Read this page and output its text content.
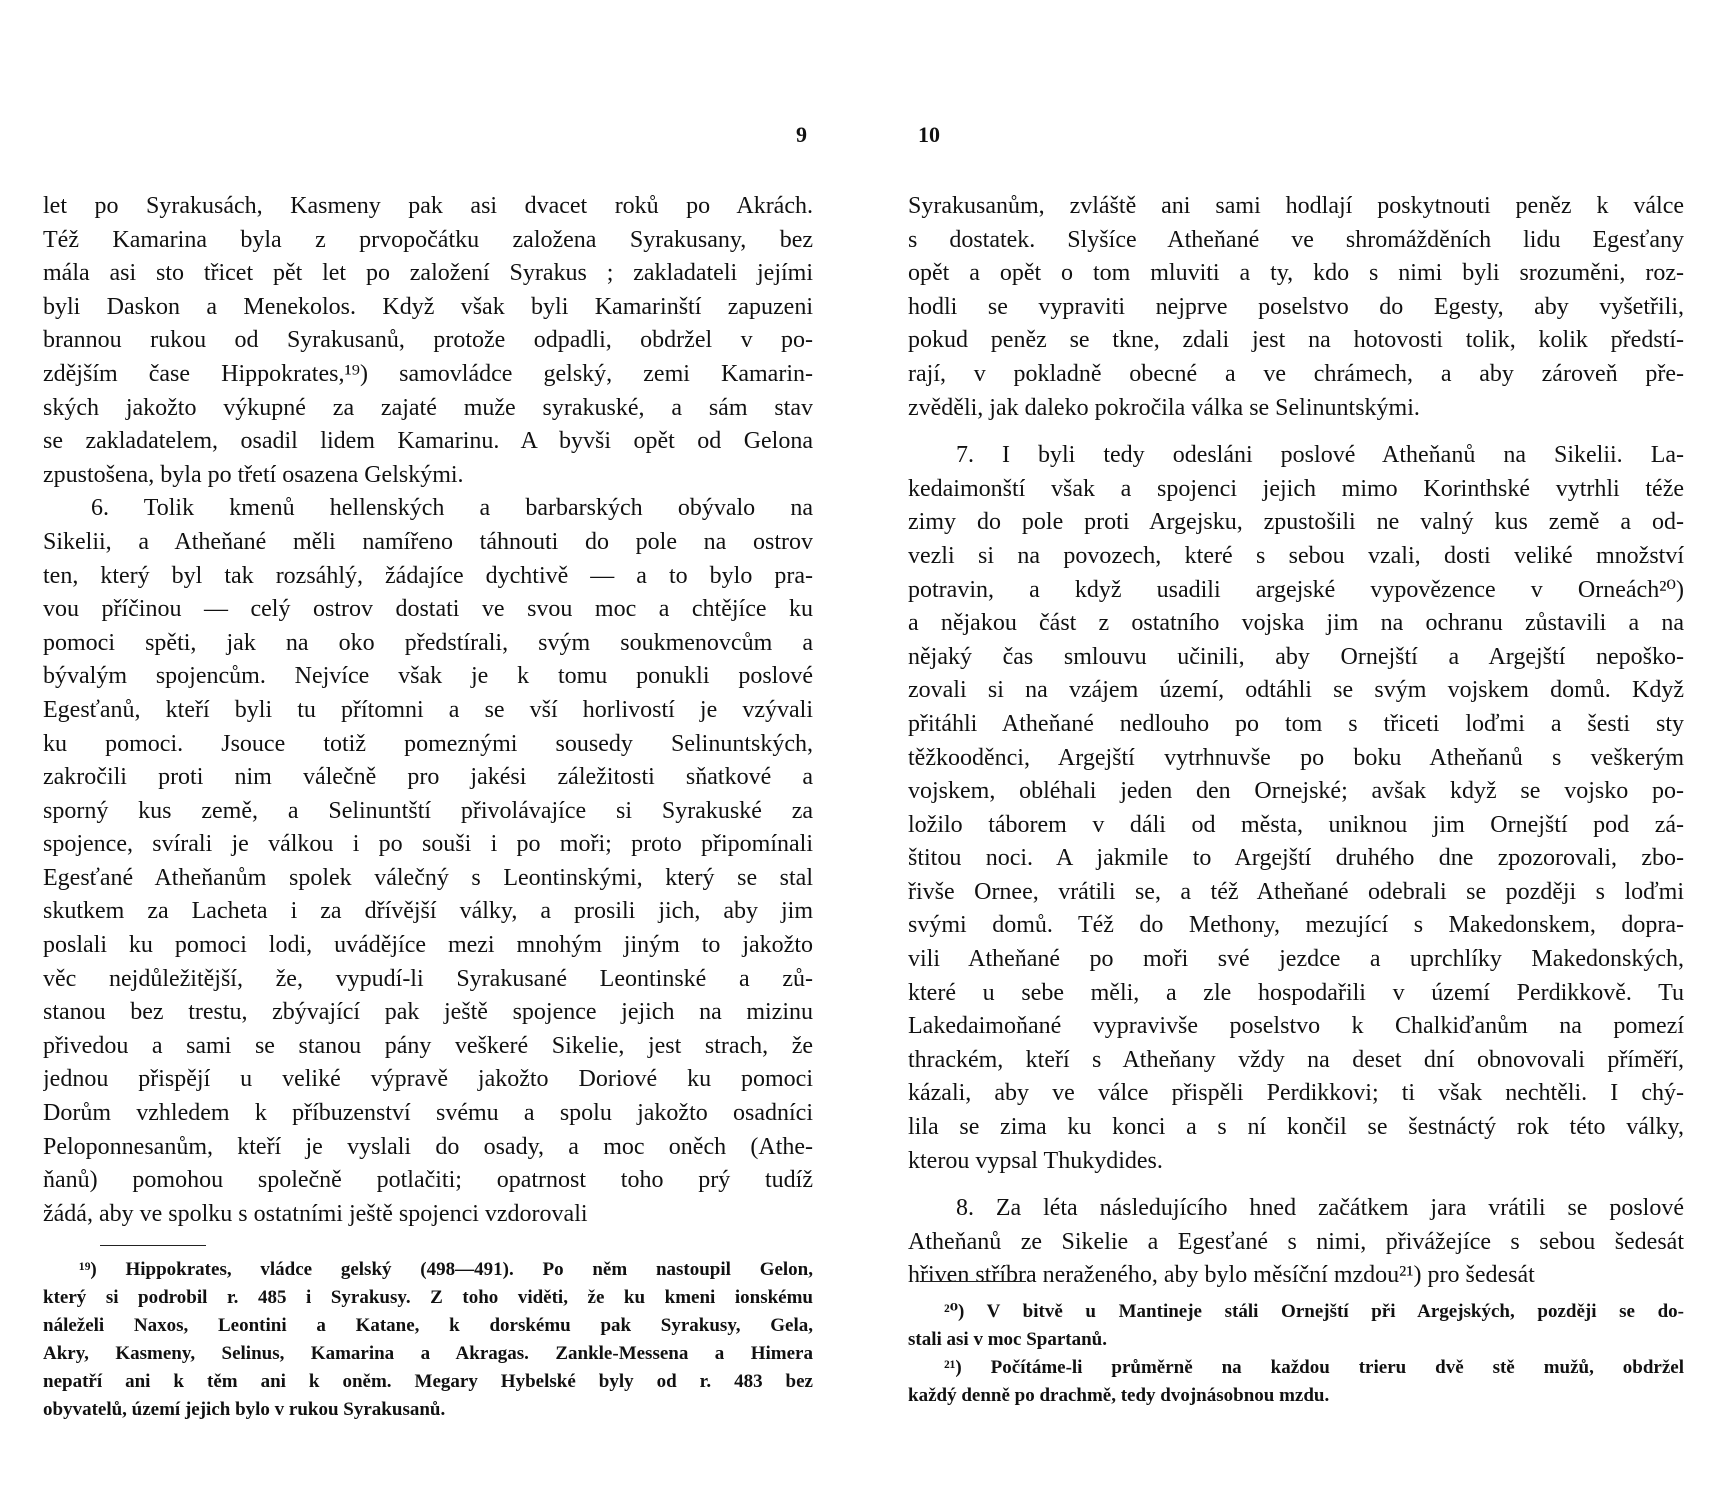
9
let po Syrakusách, Kasmeny pak asi dvacet roků po Akrách.
Též Kamarina byla z prvopočátku založena Syrakusany, bez
mála asi sto třicet pět let po založení Syrakus ; zakladateli jejími
byli Daskon a Menekolos. Když však byli Kamarinští zapuzeni
brannou rukou od Syrakusanů, protože odpadli, obdržel v po-
zdějším čase Hippokrates,¹⁹) samovládce gelský, zemi Kamarin-
ských jakožto výkupné za zajaté muže syrakuské, a sám stav
se zakladatelem, osadil lidem Kamarinu. A byvši opět od Gelona
zpustošena, byla po třetí osazena Gelskými.
6. Tolik kmenů hellenských a barbarských obývalo na
Sikelii, a Atheňané měli namířeno táhnouti do pole na ostrov
ten, který byl tak rozsáhlý, žádajíce dychtivě — a to bylo pra-
vou příčinou — celý ostrov dostati ve svou moc a chtějíce ku
pomoci spěti, jak na oko předstírali, svým soukmenovcům a
bývalým spojencům. Nejvíce však je k tomu ponukli poslové
Egesťanů, kteří byli tu přítomni a se vší horlivostí je vzývali
ku pomoci. Jsouce totiž pomeznými sousedy Selinuntských,
zakročili proti nim válečně pro jakési záležitosti sňatkové a
sporný kus země, a Selinuntští přivolávajíce si Syrakuské za
spojence, svírali je válkou i po souši i po moři; proto připomínali
Egesťané Atheňanům spolek válečný s Leontinskými, který se stal
skutkem za Lacheta i za dřívější války, a prosili jich, aby jim
poslali ku pomoci lodi, uvádějíce mezi mnohým jiným to jakožto
věc nejdůležitější, že, vypudí-li Syrakusané Leontinské a zů-
stanou bez trestu, zbývající pak ještě spojence jejich na mizinu
přivedou a sami se stanou pány veškeré Sikelie, jest strach, že
jednou přispějí u veliké výpravě jakožto Doriové ku pomoci
Dorům vzhledem k příbuzenství svému a spolu jakožto osadníci
Peloponnesanům, kteří je vyslali do osady, a moc oněch (Athe-
ňanů) pomohou společně potlačiti; opatrnost toho prý tudíž
žádá, aby ve spolku s ostatními ještě spojenci vzdorovali
¹⁹) Hippokrates, vládce gelský (498—491). Po něm nastoupil Gelon,
který si podrobil r. 485 i Syrakusy. Z toho viděti, že ku kmeni ionskému
náleželi Naxos, Leontini a Katane, k dorskému pak Syrakusy, Gela,
Akry, Kasmeny, Selinus, Kamarina a Akragas. Zankle-Messena a Himera
nepatří ani k těm ani k oněm. Megary Hybelské byly od r. 483 bez
obyvatelů, území jejich bylo v rukou Syrakusanů.
10
Syrakusanům, zvláště ani sami hodlají poskytnouti peněz k válce
s dostatek. Slyšíce Atheňané ve shromážděních lidu Egesťany
opět a opět o tom mluviti a ty, kdo s nimi byli srozuměni, roz-
hodli se vypraviti nejprve poselstvo do Egesty, aby vyšetřili,
pokud peněz se tkne, zdali jest na hotovosti tolik, kolik předstí-
rají, v pokladně obecné a ve chrámech, a aby zároveň pře-
zvěděli, jak daleko pokročila válka se Selinuntskými.
7. I byli tedy odesláni poslové Atheňanů na Sikelii. La-
kedaimonští však a spojenci jejich mimo Korinthské vytrhli téže
zimy do pole proti Argejsku, zpustošili ne valný kus země a od-
vezli si na povozech, které s sebou vzali, dosti veliké množství
potravin, a když usadili argejské vypovězence v Orneách²⁰)
a nějakou část z ostatního vojska jim na ochranu zůstavili a na
nějaký čas smlouvu učinili, aby Ornejští a Argejští nepoško-
zovali si na vzájem území, odtáhli se svým vojskem domů. Když
přitáhli Atheňané nedlouho po tom s třiceti loďmi a šesti sty
těžkooděnci, Argejští vytrhnuvše po boku Atheňanů s veškerým
vojskem, obléhali jeden den Ornejské; avšak když se vojsko po-
ložilo táborem v dáli od města, uniknou jim Ornejští pod zá-
štitou noci. A jakmile to Argejští druhého dne zpozorovali, zbo-
řivše Ornee, vrátili se, a též Atheňané odebrali se později s loďmi
svými domů. Též do Methony, mezující s Makedonskem, dopra-
vili Atheňané po moři své jezdce a uprchlíky Makedonských,
které u sebe měli, a zle hospodařili v území Perdikkově. Tu
Lakedaimoňané vypravivše poselstvo k Chalkiďanům na pomezí
thrackém, kteří s Atheňany vždy na deset dní obnovovali příměří,
kázali, aby ve válce přispěli Perdikkovi; ti však nechtěli. I chý-
lila se zima ku konci a s ní končil se šestnáctý rok této války,
kterou vypsal Thukydides.
8. Za léta následujícího hned začátkem jara vrátili se poslové
Atheňanů ze Sikelie a Egesťané s nimi, přivážejíce s sebou šedesát
hřiven stříbra neraženého, aby bylo měsíční mzdou²¹) pro šedesát
²⁰) V bitvě u Mantineje stáli Ornejští při Argejských, později se do-
stali asi v moc Spartanů.
²¹) Počítáme-li průměrně na každou trieru dvě stě mužů, obdržel
každý denně po drachmě, tedy dvojnásobnou mzdu.
